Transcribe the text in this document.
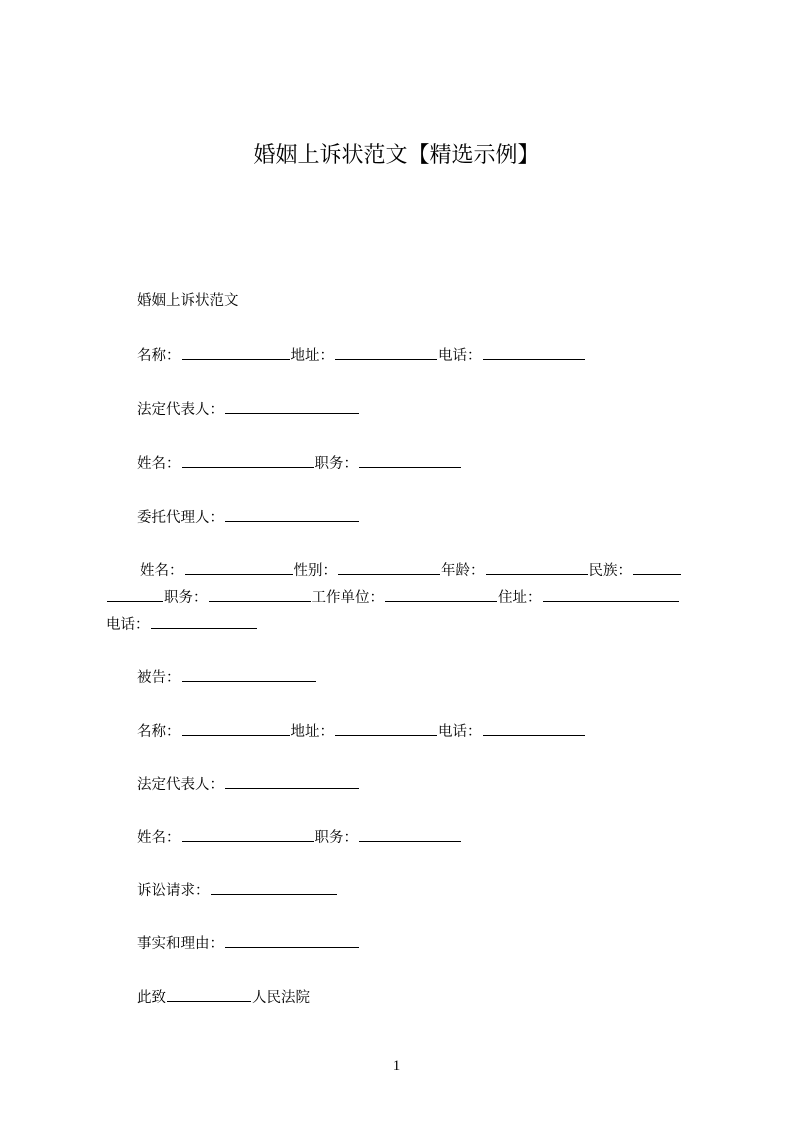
婚姻上诉状范文【精选示例】
婚姻上诉状范文
名称：	地址：	电话：
法定代表人：
姓名：	职务：
委托代理人：
姓名：	性别：	年龄：	民族：
职务：	工作单位：	住址：
电话：
被告：
名称：	地址：	电话：
法定代表人：
姓名：	职务：
诉讼请求：
事实和理由：
此致	人民法院
1
